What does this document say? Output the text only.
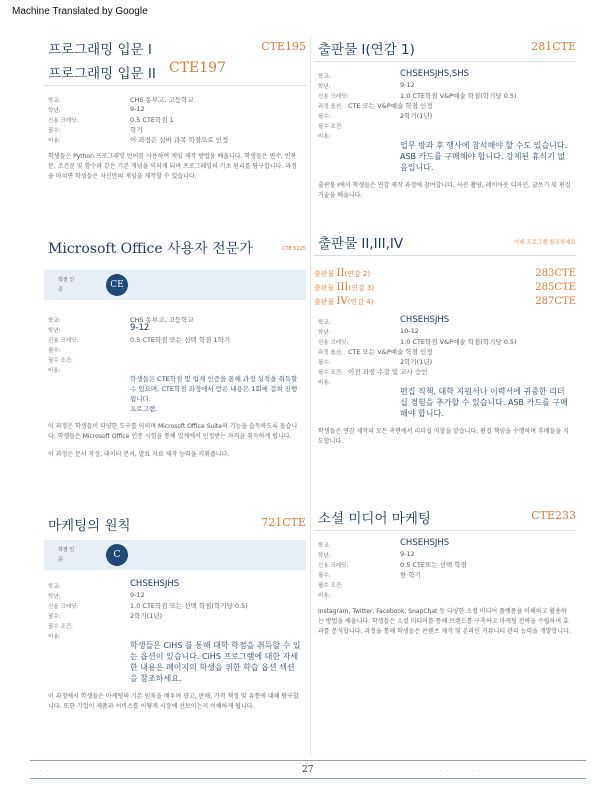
Machine Translated by Google
프로그래밍 입문 I	CTE195
프로그래밍 입문 II CTE197
학교:	CHS 동부고, 고등학교
학년:	9-12
신용 크레딧:	0.5 CTE학점 1
필수:	학기
비용:	이 과정은 실버 과목 학점으로 인정
학생들은 Python 프로그래밍 언어를 사용하여 게임 제작 방법을 배웁니다. 학생들은 변수, 반복문, 조건문 및 함수와 같은 기본 개념을 익히게 되며 프로그래밍의 기초 원리를 탐구합니다. 과정을 마치면 학생들은 자신만의 게임을 제작할 수 있습니다.
Microsoft Office 사용자 전문가	CTE 5225
학점 인증	CE
학교:	CHS 동부고, 고등학교
학년:	9-12
신용 크레딧:	0.5 CTE학점 또는 선택 학점 1학기
필수:
필수 조건:
비용:
학생들은 CTE학점 및 업계 인증을 통해 과정 성적을 취득할 수 있으며, CTE학점 과정에서 얻은 내용은 1회에 걸쳐 진행됩니다.
프로그램.
이 과정은 학생들이 다양한 도구를 익히며 Microsoft Office Suite의 기능을 습득하도록 돕습니다. 학생들은 Microsoft Office 인증 시험을 통해 업계에서 인정받는 자격을 취득하게 됩니다.
이 과정은 문서 작성, 데이터 분석, 발표 자료 제작 능력을 키워줍니다.
마케팅의 원칙	721CTE
학점 인증	C
학교:	CHSEHSJHS
학년:	9-12
신용 크레딧:	1.0 CTE학점 또는 선택 학점(학기당 0.5)
필수:	2학기(1년)
필수 조건:
비용:
학생들은 CiHS 를 통해 대학 학점을 취득할 수 있는 옵션이 있습니다. CiHS 프로그램에 대한 자세한 내용은 페이지의 학생을 위한 학습 옵션 섹션을 참조하세요.
이 과정에서 학생들은 마케팅의 기본 원칙을 배우며 광고, 판매, 가격 책정 및 유통에 대해 탐구합니다. 또한 기업이 제품과 서비스를 어떻게 시장에 선보이는지 이해하게 됩니다.
출판물 I(연감 1)	281CTE
학교:	CHSEHSJHS,SHS
학년:	9-12
신용 크레딧:	1.0 CTE학점 V&P예술 학점(학기당 0.5)
과정 옵션: CTE 또는 V&P예술 학점 인정
필수:	2학기(1년)
필수 조건:
비용:
업무 방과 후 행사에 참석해야 할 수도 있습니다. ASB 카드를 구매해야 합니다. 강제된 휴식기 없음입니다.
출판물 I에서 학생들은 연감 제작 과정에 참여합니다. 사진 촬영, 레이아웃 디자인, 글쓰기 및 편집 기술을 배웁니다.
출판물 II,III,IV	아래 프로그램 참조하세요
출판물 II(연감 2)	283CTE
출판물 III(연감 3)	285CTE
출판물 IV(연감 4)	287CTE
학교:	CHSEHSJHS
학년:	10-12
신용 크레딧:	1.0 CTE학점 V&P예술 학점(학기당 0.5)
과정 옵션: CTE 또는 V&P예술 학점 인정
필수:	2학기(1년)
필수 조건: 이전 과정 수강 및 교사 승인
비용:
편집 직책, 대학 지원서나 이력서에 귀중한 리더십 경험을 추가할 수 있습니다. ASB 카드를 구매해야 합니다.
학생들은 연감 제작의 모든 측면에서 리더십 역할을 맡습니다. 편집 책임을 수행하며 후배들을 지도합니다.
소셜 미디어 마케팅	CTE233
학교:	CHSEHSJHS
학년:	9-12
신용 크레딧:	0.5 CTE또는 선택 학점
필수:	한 학기
필수 조건:
비용:
Instagram, Twitter, Facebook, SnapChat 등 다양한 소셜 미디어 플랫폼을 이해하고 활용하는 방법을 배웁니다. 학생들은 소셜 미디어를 통해 브랜드를 구축하고 마케팅 전략을 수립하며 효과를 분석합니다. 과정을 통해 학생들은 콘텐츠 제작 및 온라인 커뮤니티 관리 능력을 개발합니다.
· · · · · ·	27	· · · · · · · · · · ·
